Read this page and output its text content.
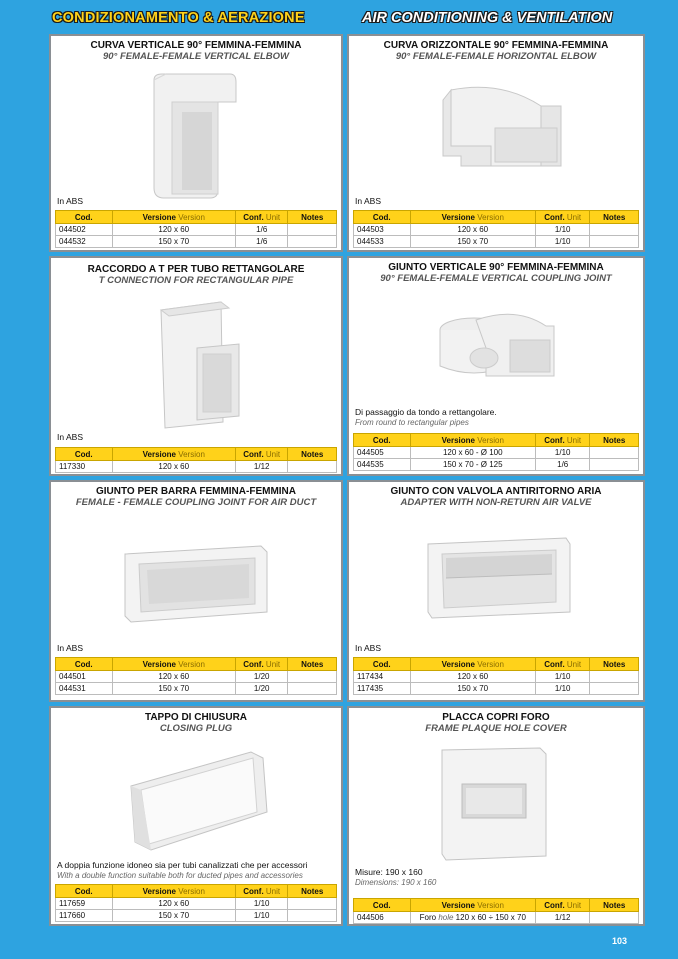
CONDIZIONAMENTO & AERAZIONE	AIR CONDITIONING & VENTILATION
CURVA VERTICALE 90° FEMMINA-FEMMINA
90° FEMALE-FEMALE VERTICAL ELBOW
In ABS
Cod.	Versione Version	Conf. Unit	Notes
044502	120 x 60	1/6	
044532	150 x 70	1/6	
CURVA ORIZZONTALE 90° FEMMINA-FEMMINA
90° FEMALE-FEMALE HORIZONTAL ELBOW
In ABS
Cod.	Versione Version	Conf. Unit	Notes
044503	120 x 60	1/10	
044533	150 x 70	1/10	
RACCORDO A T PER TUBO RETTANGOLARE
T CONNECTION FOR RECTANGULAR PIPE
In ABS
Cod.	Versione Version	Conf. Unit	Notes
117330	120 x 60	1/12	
GIUNTO VERTICALE 90° FEMMINA-FEMMINA
90° FEMALE-FEMALE VERTICAL COUPLING JOINT
Di passaggio da tondo a rettangolare.
From round to rectangular pipes
Cod.	Versione Version	Conf. Unit	Notes
044505	120 x 60 - Ø 100	1/10	
044535	150 x 70 - Ø 125	1/6	
GIUNTO PER BARRA FEMMINA-FEMMINA
FEMALE - FEMALE COUPLING JOINT FOR AIR DUCT
In ABS
Cod.	Versione Version	Conf. Unit	Notes
044501	120 x 60	1/20	
044531	150 x 70	1/20	
GIUNTO CON VALVOLA ANTIRITORNO ARIA
ADAPTER WITH NON-RETURN AIR VALVE
In ABS
Cod.	Versione Version	Conf. Unit	Notes
117434	120 x 60	1/10	
117435	150 x 70	1/10	
TAPPO DI CHIUSURA
CLOSING PLUG
A doppia funzione idoneo sia per tubi canalizzati che per accessori
With a double function suitable both for ducted pipes and accessories
Cod.	Versione Version	Conf. Unit	Notes
117659	120 x 60	1/10	
117660	150 x 70	1/10	
PLACCA COPRI FORO
FRAME PLAQUE HOLE COVER
Misure: 190 x 160
Dimensions: 190 x 160
Cod.	Versione Version	Conf. Unit	Notes
044506	Foro hole 120 x 60 ÷ 150 x 70	1/12	
103
